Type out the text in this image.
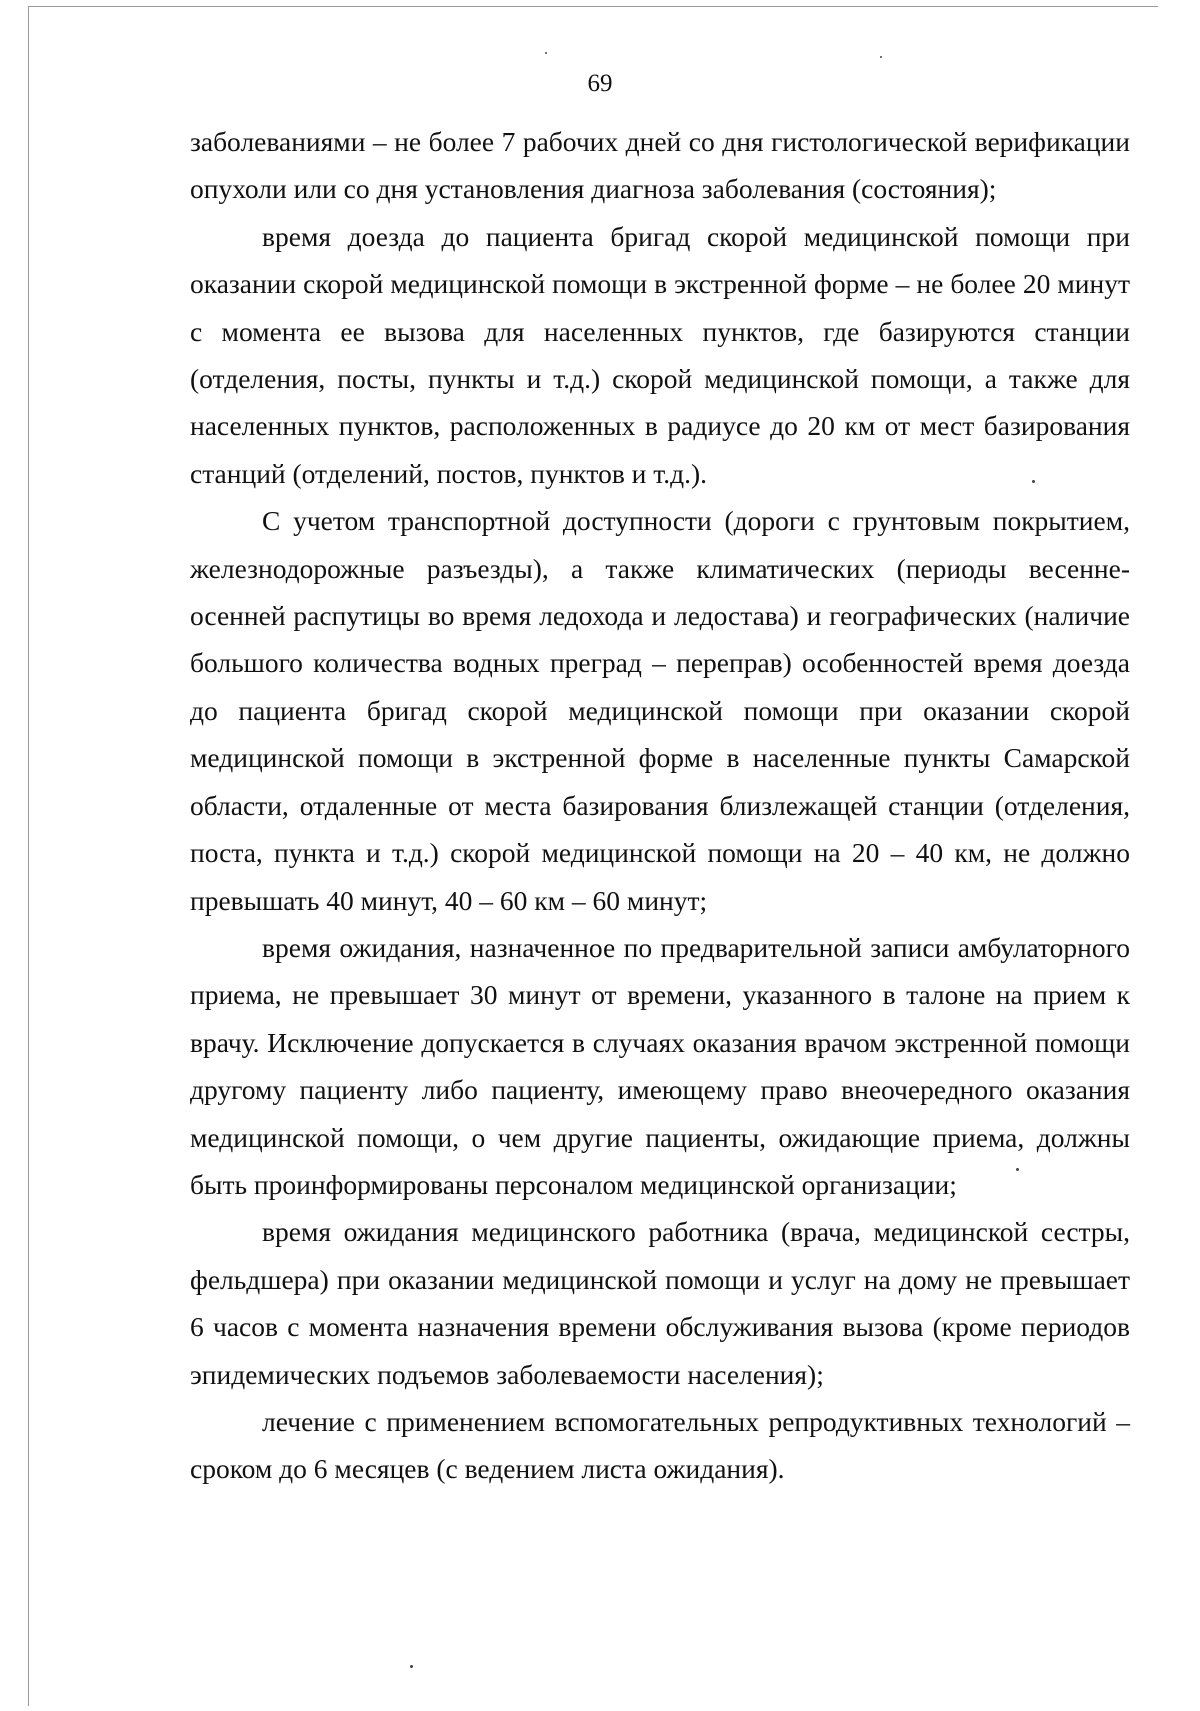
69

заболеваниями – не более 7 рабочих дней со дня гистологической верификации опухоли или со дня установления диагноза заболевания (состояния);

время доезда до пациента бригад скорой медицинской помощи при оказании скорой медицинской помощи в экстренной форме – не более 20 минут с момента ее вызова для населенных пунктов, где базируются станции (отделения, посты, пункты и т.д.) скорой медицинской помощи, а также для населенных пунктов, расположенных в радиусе до 20 км от мест базирования станций (отделений, постов, пунктов и т.д.).

С учетом транспортной доступности (дороги с грунтовым покрытием, железнодорожные разъезды), а также климатических (периоды весенне-осенней распутицы во время ледохода и ледостава) и географических (наличие большого количества водных преград – переправ) особенностей время доезда до пациента бригад скорой медицинской помощи при оказании скорой медицинской помощи в экстренной форме в населенные пункты Самарской области, отдаленные от места базирования близлежащей станции (отделения, поста, пункта и т.д.) скорой медицинской помощи на 20 – 40 км, не должно превышать 40 минут, 40 – 60 км – 60 минут;

время ожидания, назначенное по предварительной записи амбулаторного приема, не превышает 30 минут от времени, указанного в талоне на прием к врачу. Исключение допускается в случаях оказания врачом экстренной помощи другому пациенту либо пациенту, имеющему право внеочередного оказания медицинской помощи, о чем другие пациенты, ожидающие приема, должны быть проинформированы персоналом медицинской организации;

время ожидания медицинского работника (врача, медицинской сестры, фельдшера) при оказании медицинской помощи и услуг на дому не превышает 6 часов с момента назначения времени обслуживания вызова (кроме периодов эпидемических подъемов заболеваемости населения);

лечение с применением вспомогательных репродуктивных технологий – сроком до 6 месяцев (с ведением листа ожидания).
